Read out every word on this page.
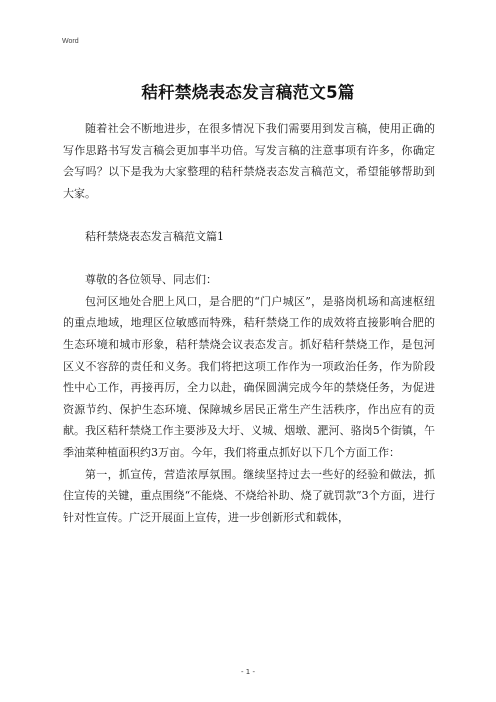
Word
秸秆禁烧表态发言稿范文5篇

随着社会不断地进步，在很多情况下我们需要用到发言稿，使用正确的写作思路书写发言稿会更加事半功倍。写发言稿的注意事项有许多，你确定会写吗？以下是我为大家整理的秸秆禁烧表态发言稿范文，希望能够帮助到大家。

秸秆禁烧表态发言稿范文篇1

尊敬的各位领导、同志们：

包河区地处合肥上风口，是合肥的“门户城区”，是骆岗机场和高速枢纽的重点地域，地理区位敏感而特殊，秸秆禁烧工作的成效将直接影响合肥的生态环境和城市形象，秸秆禁烧会议表态发言。抓好秸秆禁烧工作，是包河区义不容辞的责任和义务。我们将把这项工作作为一项政治任务，作为阶段性中心工作，再接再厉，全力以赴，确保圆满完成今年的禁烧任务，为促进资源节约、保护生态环境、保障城乡居民正常生产生活秩序，作出应有的贡献。我区秸秆禁烧工作主要涉及大圩、义城、烟墩、淝河、骆岗5个街镇，午季油菜种植面积约3万亩。今年，我们将重点抓好以下几个方面工作：

第一，抓宣传，营造浓厚氛围。继续坚持过去一些好的经验和做法，抓住宣传的关键，重点围绕“不能烧、不烧给补助、烧了就罚款”3个方面，进行针对性宣传。广泛开展面上宣传，进一步创新形式和载体，

- 1 -
